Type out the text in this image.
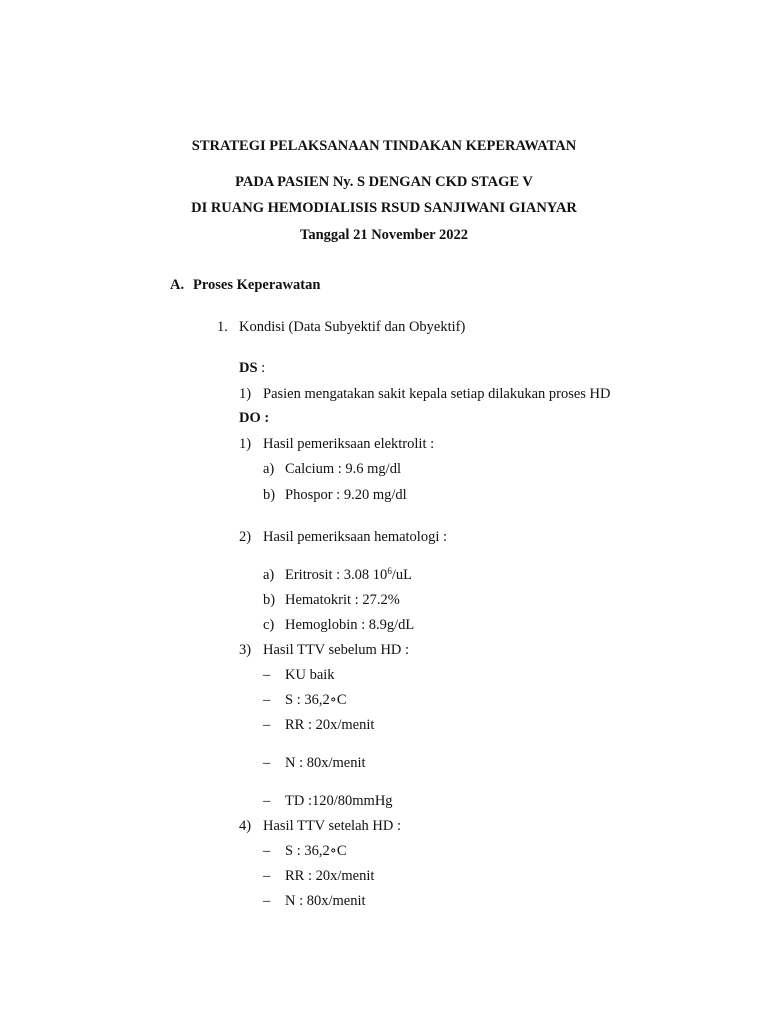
STRATEGI PELAKSANAAN TINDAKAN KEPERAWATAN
PADA PASIEN Ny. S DENGAN CKD STAGE V
DI RUANG HEMODIALISIS RSUD SANJIWANI GIANYAR
Tanggal 21 November 2022
A. Proses Keperawatan
1. Kondisi (Data Subyektif dan Obyektif)
DS :
1) Pasien mengatakan sakit kepala setiap dilakukan proses HD
DO :
1) Hasil pemeriksaan elektrolit :
a) Calcium : 9.6 mg/dl
b) Phospor : 9.20 mg/dl
2) Hasil pemeriksaan hematologi :
a) Eritrosit : 3.08 $10^6/uL$
b) Hematokrit : 27.2%
c) Hemoglobin : 8.9g/dL
3) Hasil TTV sebelum HD :
– KU baik
– S : 36,2∘C
– RR : 20x/menit
– N : 80x/menit
– TD :120/80mmHg
4) Hasil TTV setelah HD :
– S : 36,2∘C
– RR : 20x/menit
– N : 80x/menit
